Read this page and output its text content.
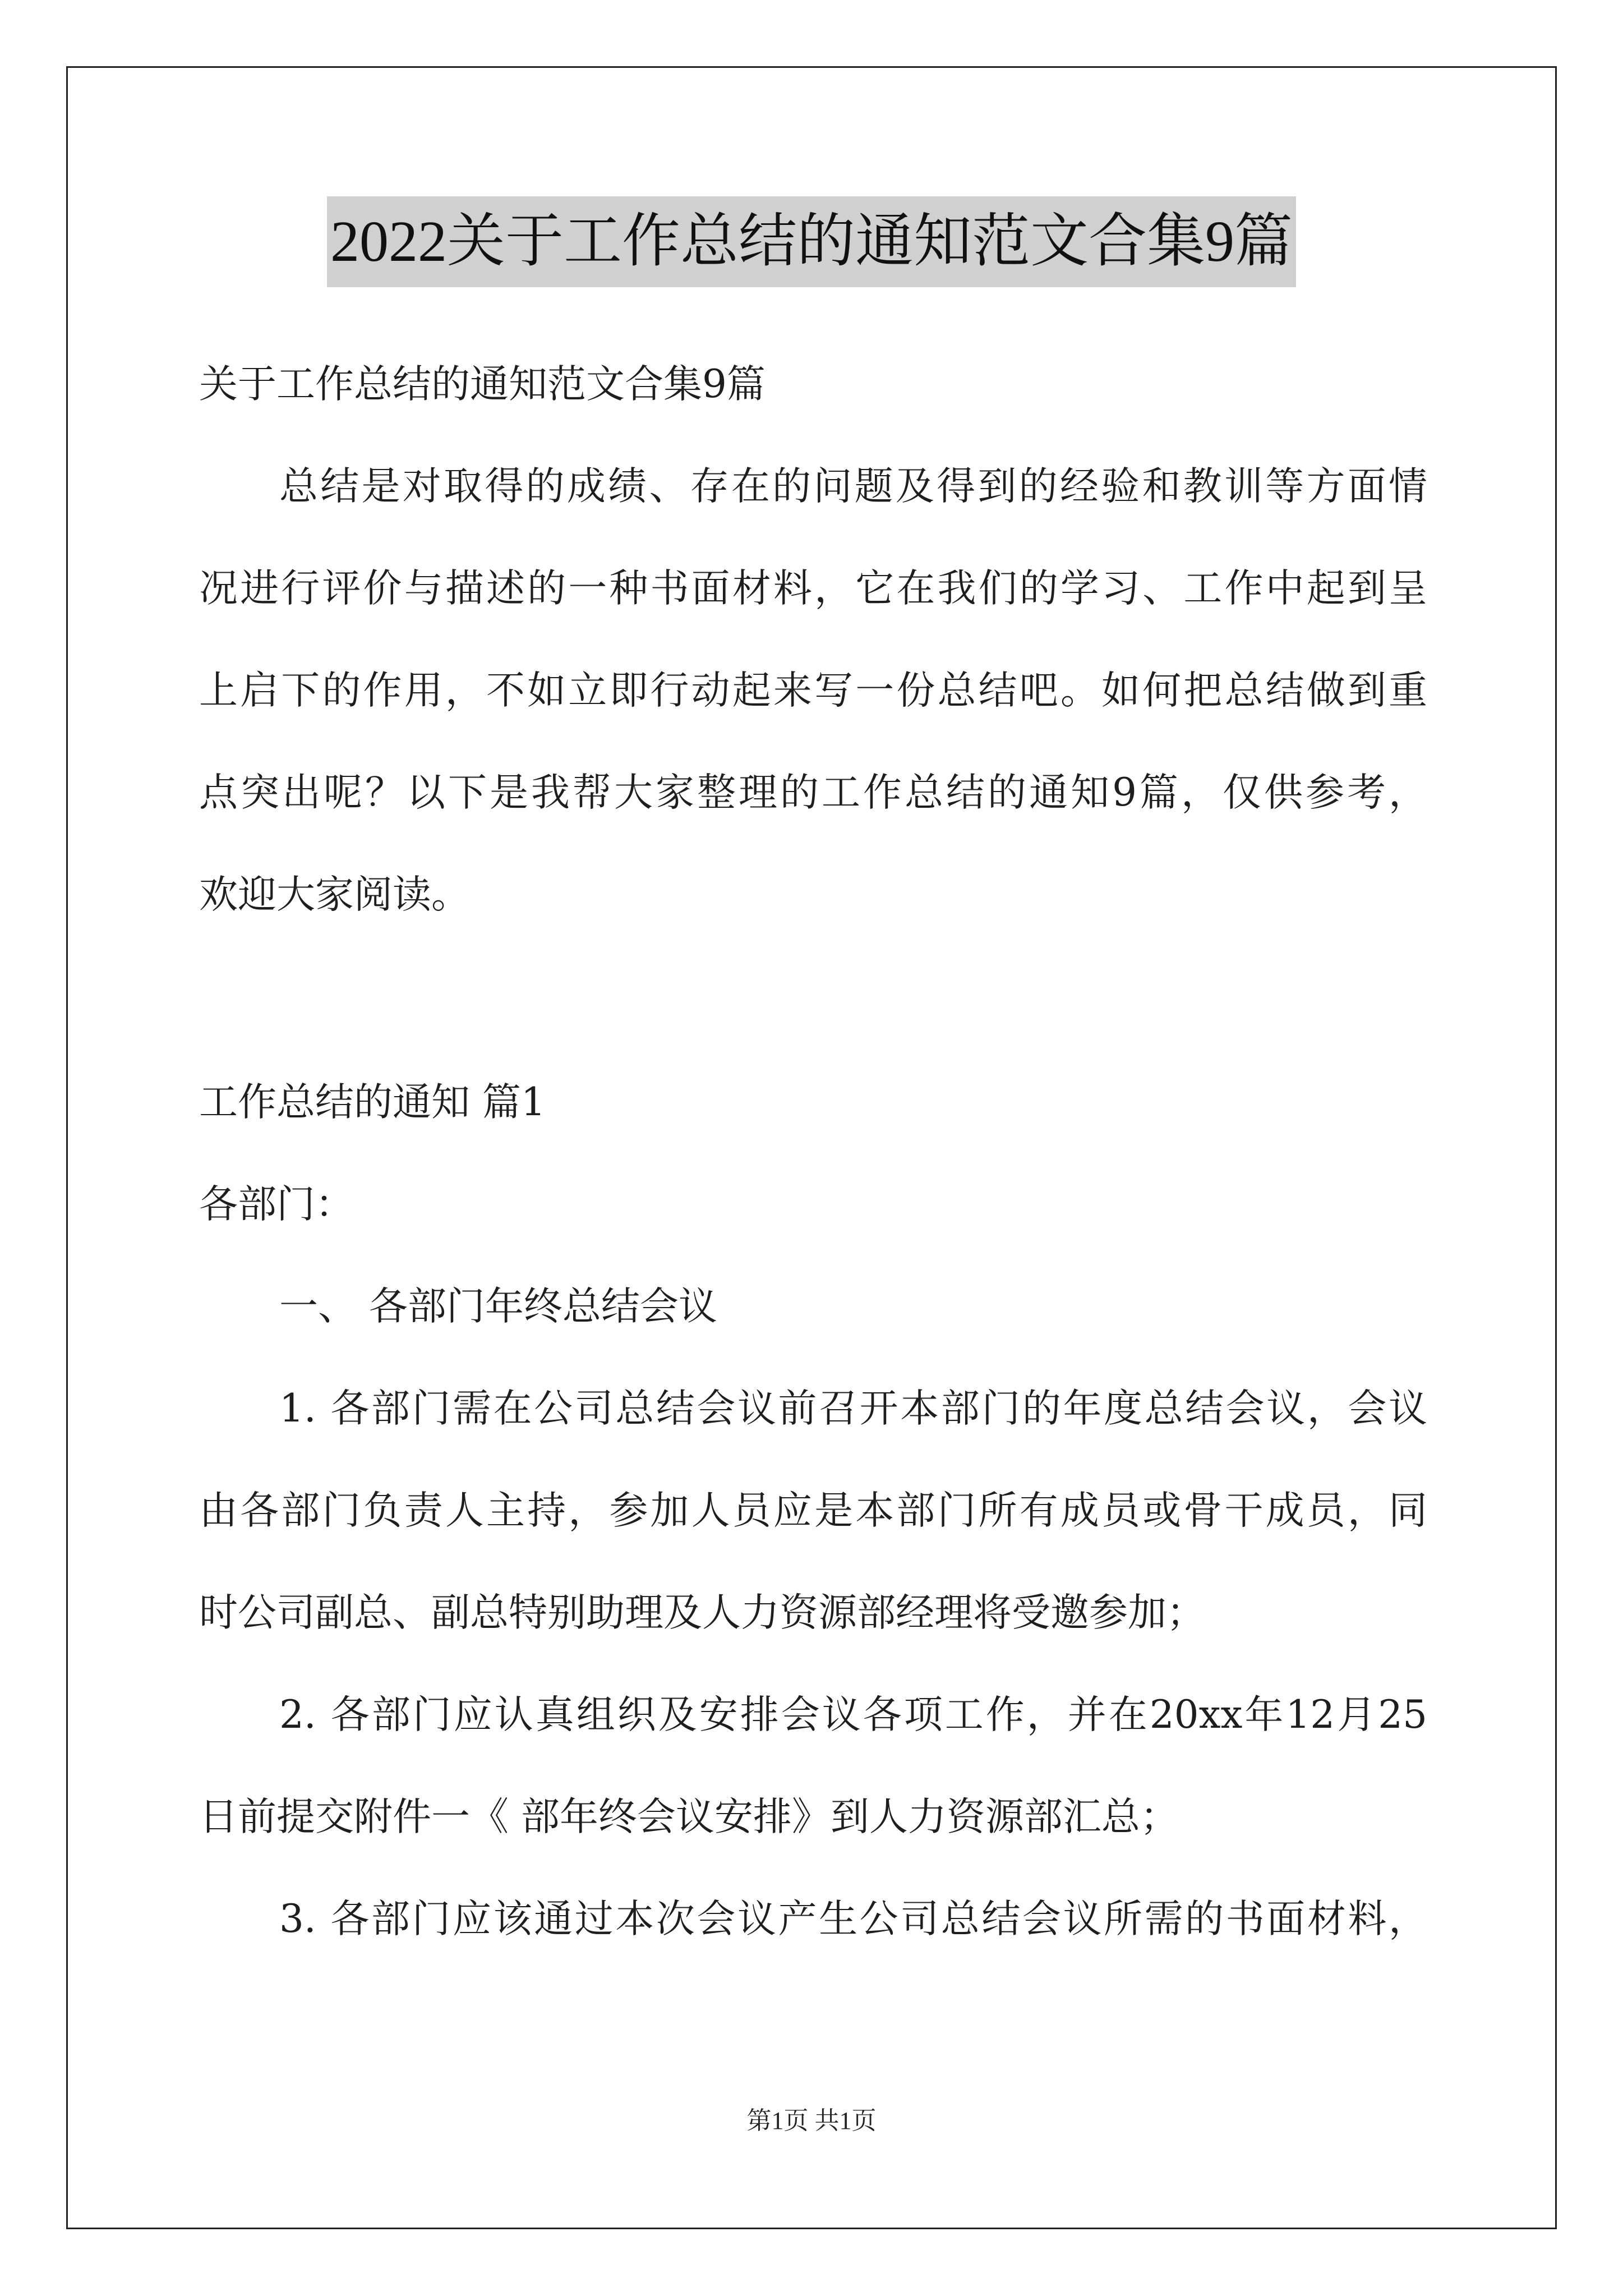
2022关于工作总结的通知范文合集9篇
关于工作总结的通知范文合集9篇
总结是对取得的成绩、存在的问题及得到的经验和教训等方面情
况进行评价与描述的一种书面材料，它在我们的学习、工作中起到呈
上启下的作用，不如立即行动起来写一份总结吧。如何把总结做到重
点突出呢？以下是我帮大家整理的工作总结的通知9篇，仅供参考，
欢迎大家阅读。
工作总结的通知 篇1
各部门：
一、 各部门年终总结会议
1. 各部门需在公司总结会议前召开本部门的年度总结会议，会议
由各部门负责人主持，参加人员应是本部门所有成员或骨干成员，同
时公司副总、副总特别助理及人力资源部经理将受邀参加；
2. 各部门应认真组织及安排会议各项工作，并在20xx年12月25
日前提交附件一《 部年终会议安排》到人力资源部汇总；
3. 各部门应该通过本次会议产生公司总结会议所需的书面材料，
第1页 共1页
